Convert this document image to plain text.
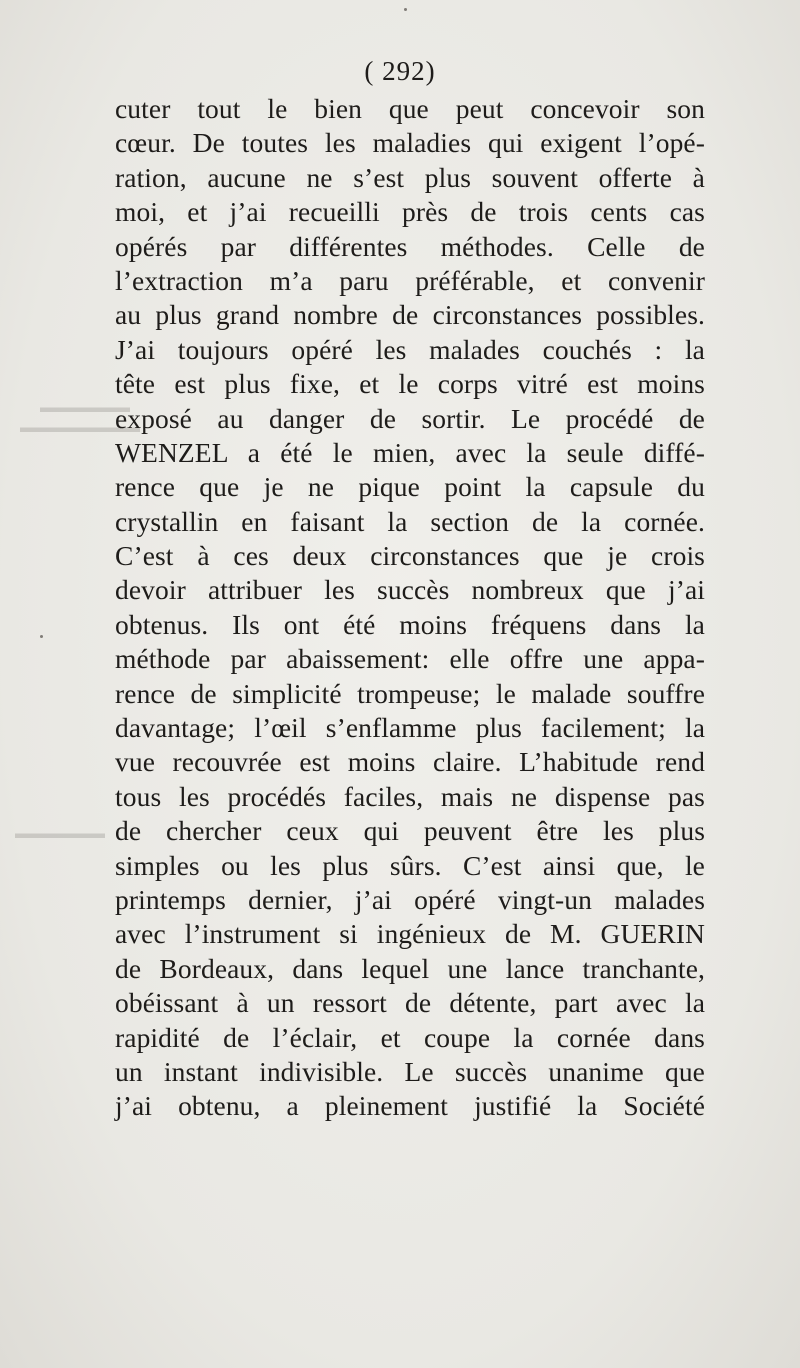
▬▬▬▬▬▬
▬▬▬▬▬▬▬▬
▬▬▬▬▬▬
( 292)
cuter tout le bien que peut concevoir son
cœur. De toutes les maladies qui exigent l’opé-
ration, aucune ne s’est plus souvent offerte à
moi, et j’ai recueilli près de trois cents cas
opérés par différentes méthodes. Celle de
l’extraction m’a paru préférable, et convenir
au plus grand nombre de circonstances possibles.
J’ai toujours opéré les malades couchés : la
tête est plus fixe, et le corps vitré est moins
exposé au danger de sortir. Le procédé de
WENZEL a été le mien, avec la seule diffé-
rence que je ne pique point la capsule du
crystallin en faisant la section de la cornée.
C’est à ces deux circonstances que je crois
devoir attribuer les succès nombreux que j’ai
obtenus. Ils ont été moins fréquens dans la
méthode par abaissement: elle offre une appa-
rence de simplicité trompeuse; le malade souffre
davantage; l’œil s’enflamme plus facilement; la
vue recouvrée est moins claire. L’habitude rend
tous les procédés faciles, mais ne dispense pas
de chercher ceux qui peuvent être les plus
simples ou les plus sûrs. C’est ainsi que, le
printemps dernier, j’ai opéré vingt-un malades
avec l’instrument si ingénieux de M. GUERIN
de Bordeaux, dans lequel une lance tranchante,
obéissant à un ressort de détente, part avec la
rapidité de l’éclair, et coupe la cornée dans
un instant indivisible. Le succès unanime que
j’ai obtenu, a pleinement justifié la Société
